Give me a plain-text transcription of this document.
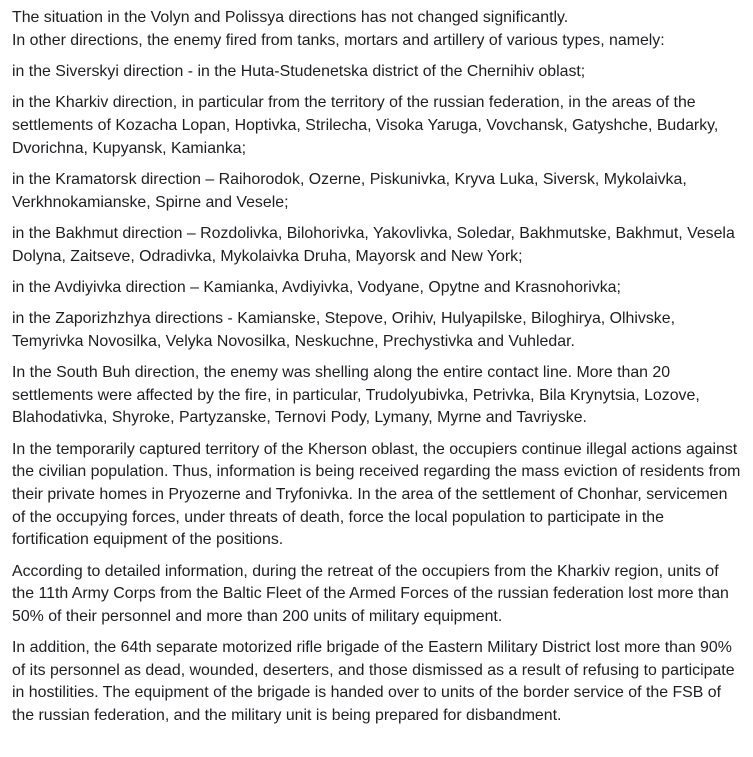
The situation in the Volyn and Polissya directions has not changed significantly.

In other directions, the enemy fired from tanks, mortars and artillery of various types, namely:

in the Siverskyi direction - in the Huta-Studenetska district of the Chernihiv oblast;

in the Kharkiv direction, in particular from the territory of the russian federation, in the areas of the settlements of Kozacha Lopan, Hoptivka, Strilecha, Visoka Yaruga, Vovchansk, Gatyshche, Budarky, Dvorichna, Kupyansk, Kamianka;

in the Kramatorsk direction – Raihorodok, Ozerne, Piskunivka, Kryva Luka, Siversk, Mykolaivka, Verkhnokamianske, Spirne and Vesele;

in the Bakhmut direction – Rozdolivka, Bilohorivka, Yakovlivka, Soledar, Bakhmutske, Bakhmut, Vesela Dolyna, Zaitseve, Odradivka, Mykolaivka Druha, Mayorsk and New York;

in the Avdiyivka direction – Kamianka, Avdiyivka, Vodyane, Opytne and Krasnohorivka;

in the Zaporizhzhya directions - Kamianske, Stepove, Orihiv, Hulyapilske, Biloghirya, Olhivske, Temyrivka Novosilka, Velyka Novosilka, Neskuchne, Prechystivka and Vuhledar.

In the South Buh direction, the enemy was shelling along the entire contact line. More than 20 settlements were affected by the fire, in particular, Trudolyubivka, Petrivka, Bila Krynytsia, Lozove, Blahodativka, Shyroke, Partyzanske, Ternovi Pody, Lymany, Myrne and Tavriyske.

In the temporarily captured territory of the Kherson oblast, the occupiers continue illegal actions against the civilian population. Thus, information is being received regarding the mass eviction of residents from their private homes in Pryozerne and Tryfonivka. In the area of the settlement of Chonhar, servicemen of the occupying forces, under threats of death, force the local population to participate in the fortification equipment of the positions.

According to detailed information, during the retreat of the occupiers from the Kharkiv region, units of the 11th Army Corps from the Baltic Fleet of the Armed Forces of the russian federation lost more than 50% of their personnel and more than 200 units of military equipment.

In addition, the 64th separate motorized rifle brigade of the Eastern Military District lost more than 90% of its personnel as dead, wounded, deserters, and those dismissed as a result of refusing to participate in hostilities. The equipment of the brigade is handed over to units of the border service of the FSB of the russian federation, and the military unit is being prepared for disbandment.
